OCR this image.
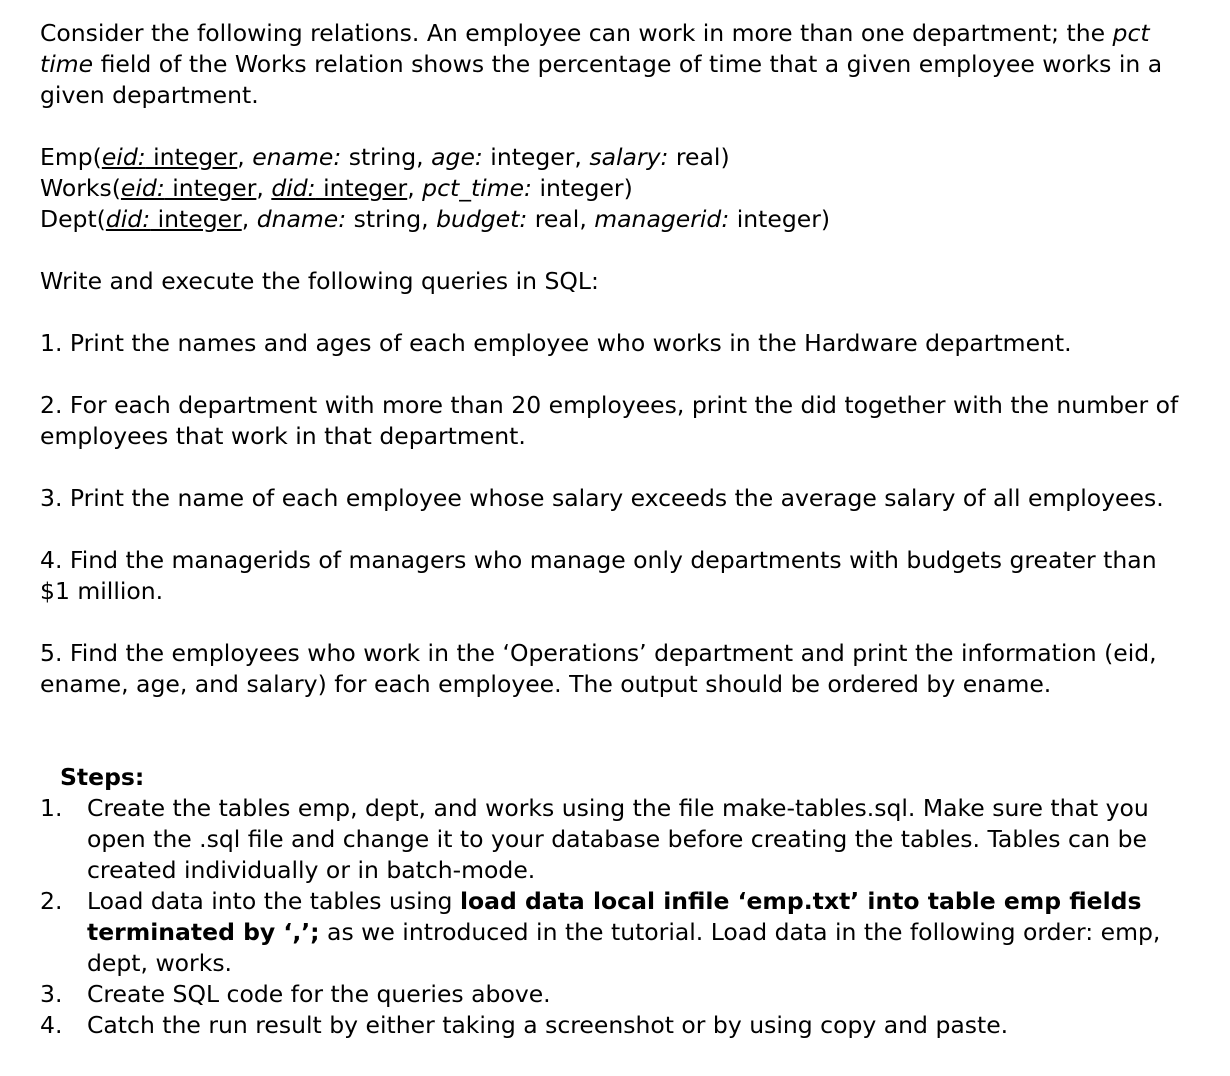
Consider the following relations. An employee can work in more than one department; the pct
time field of the Works relation shows the percentage of time that a given employee works in a
given department.
Emp(eid: integer, ename: string, age: integer, salary: real)
Works(eid: integer, did: integer, pct_time: integer)
Dept(did: integer, dname: string, budget: real, managerid: integer)
Write and execute the following queries in SQL:
1. Print the names and ages of each employee who works in the Hardware department.
2. For each department with more than 20 employees, print the did together with the number of
employees that work in that department.
3. Print the name of each employee whose salary exceeds the average salary of all employees.
4. Find the managerids of managers who manage only departments with budgets greater than
$1 million.
5. Find the employees who work in the ‘Operations’ department and print the information (eid,
ename, age, and salary) for each employee. The output should be ordered by ename.
Steps:
1.	Create the tables emp, dept, and works using the file make-tables.sql. Make sure that you open the .sql file and change it to your database before creating the tables. Tables can be created individually or in batch-mode.
2.	Load data into the tables using load data local infile ‘emp.txt’ into table emp fields terminated by ‘,’; as we introduced in the tutorial. Load data in the following order: emp, dept, works.
3.	Create SQL code for the queries above.
4.	Catch the run result by either taking a screenshot or by using copy and paste.
